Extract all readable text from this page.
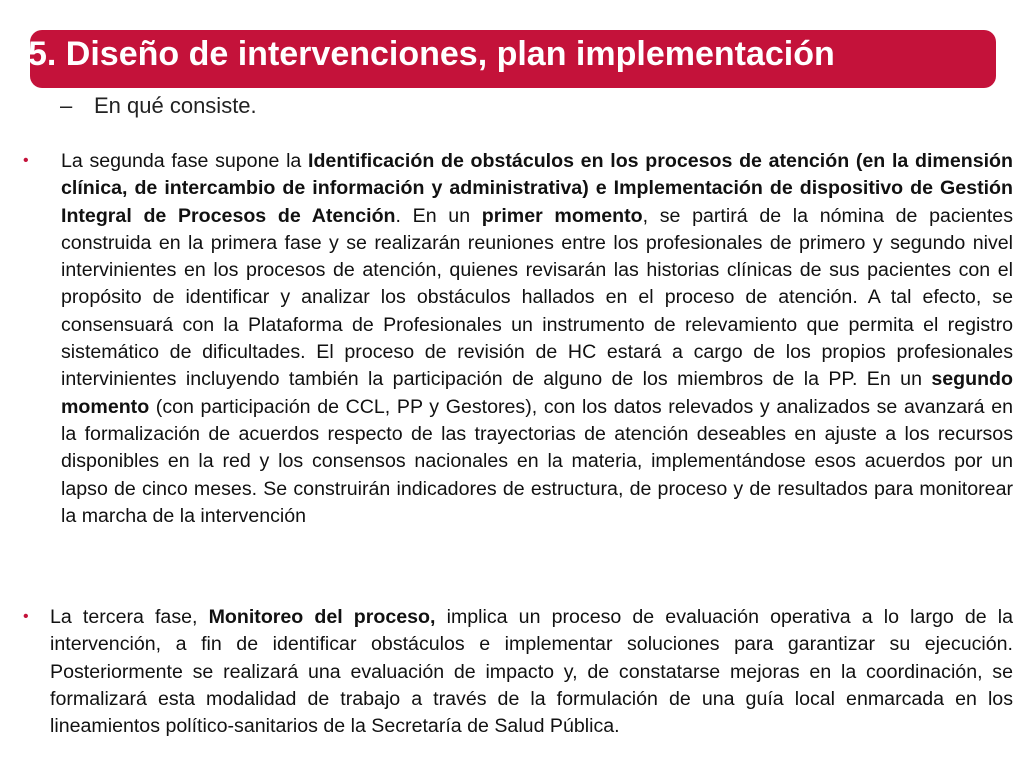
5. Diseño de intervenciones, plan implementación
– En qué consiste.
• La segunda fase supone la Identificación de obstáculos en los procesos de atención (en la dimensión clínica, de intercambio de información y administrativa) e Implementación de dispositivo de Gestión Integral de Procesos de Atención. En un primer momento, se partirá de la nómina de pacientes construida en la primera fase y se realizarán reuniones entre los profesionales de primero y segundo nivel intervinientes en los procesos de atención, quienes revisarán las historias clínicas de sus pacientes con el propósito de identificar y analizar los obstáculos hallados en el proceso de atención. A tal efecto, se consensuará con la Plataforma de Profesionales un instrumento de relevamiento que permita el registro sistemático de dificultades. El proceso de revisión de HC estará a cargo de los propios profesionales intervinientes incluyendo también la participación de alguno de los miembros de la PP. En un segundo momento (con participación de CCL, PP y Gestores), con los datos relevados y analizados se avanzará en la formalización de acuerdos respecto de las trayectorias de atención deseables en ajuste a los recursos disponibles en la red y los consensos nacionales en la materia, implementándose esos acuerdos por un lapso de cinco meses. Se construirán indicadores de estructura, de proceso y de resultados para monitorear la marcha de la intervención

• La tercera fase, Monitoreo del proceso, implica un proceso de evaluación operativa a lo largo de la intervención, a fin de identificar obstáculos e implementar soluciones para garantizar su ejecución. Posteriormente se realizará una evaluación de impacto y, de constatarse mejoras en la coordinación, se formalizará esta modalidad de trabajo a través de la formulación de una guía local enmarcada en los lineamientos político-sanitarios de la Secretaría de Salud Pública.
